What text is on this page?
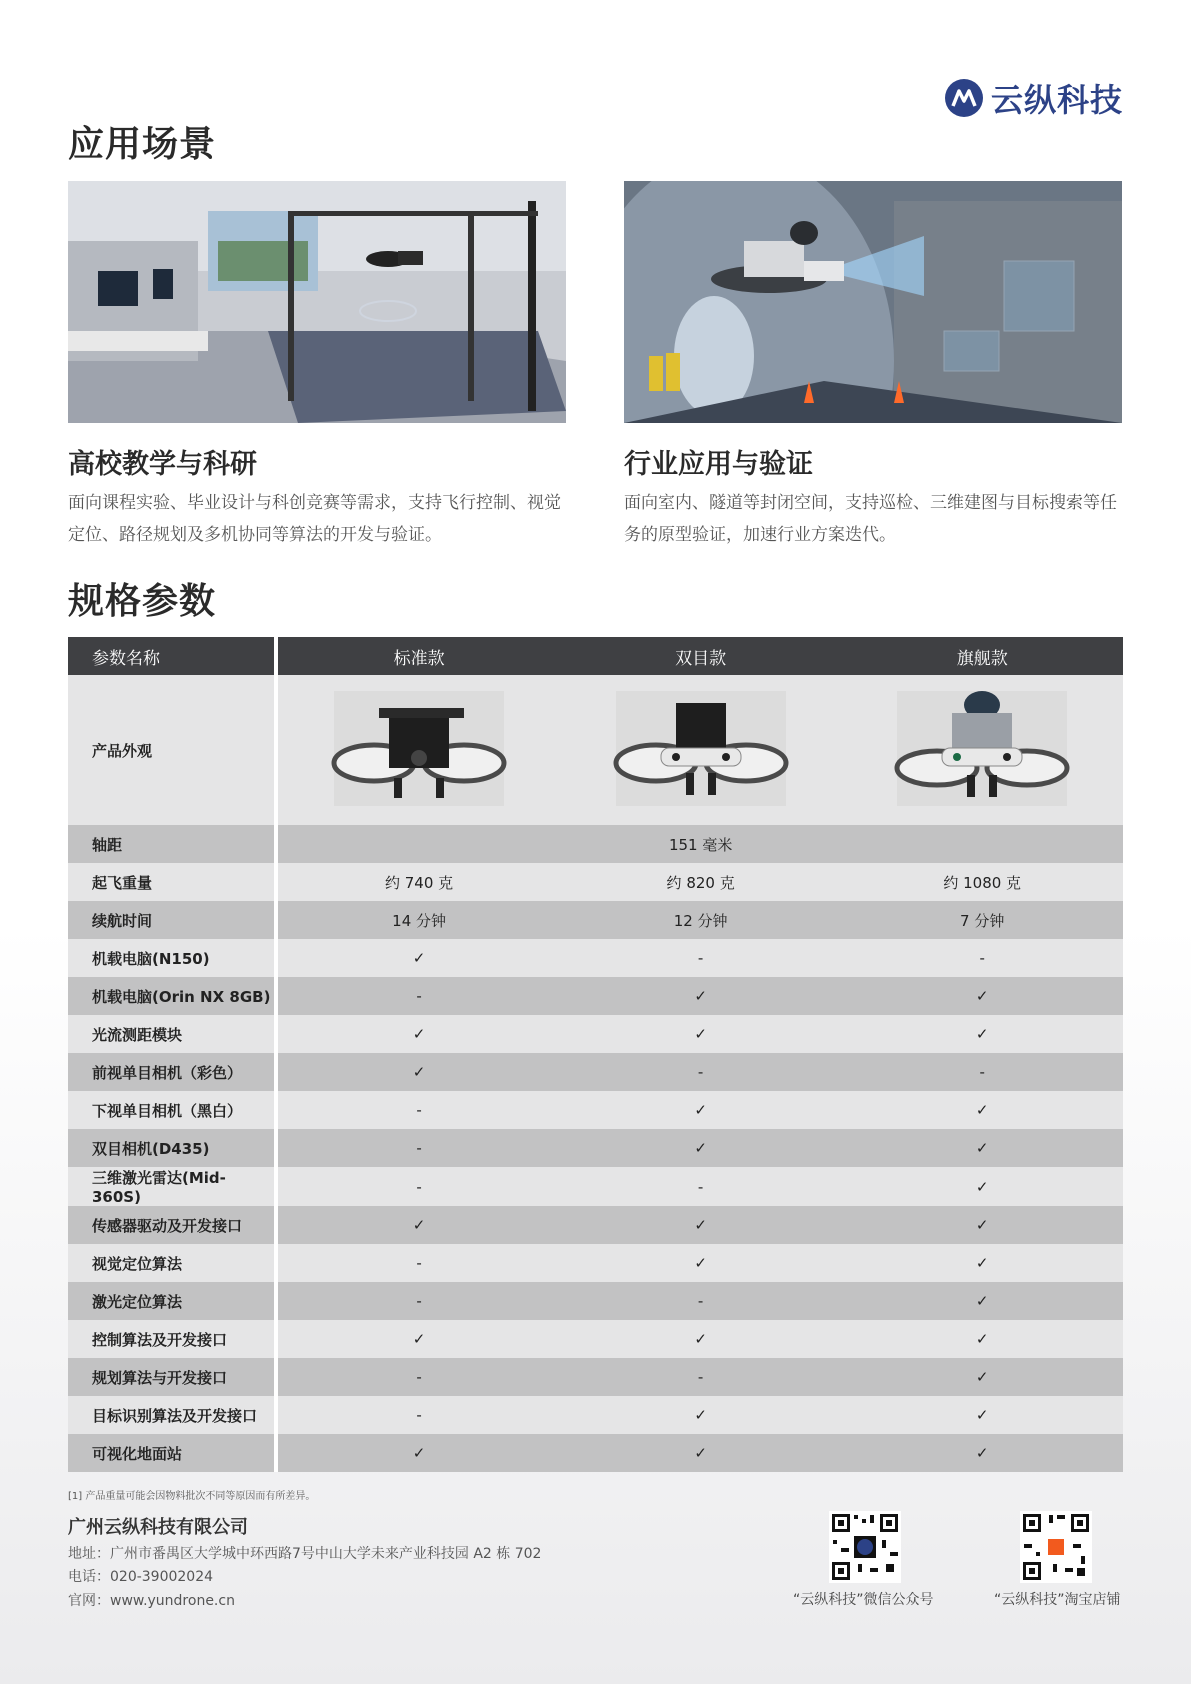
云纵科技
应用场景
高校教学与科研
面向课程实验、毕业设计与科创竞赛等需求，支持飞行控制、视觉定位、路径规划及多机协同等算法的开发与验证。
行业应用与验证
面向室内、隧道等封闭空间，支持巡检、三维建图与目标搜索等任务的原型验证，加速行业方案迭代。
规格参数
参数名称	标准款	双目款	旗舰款
产品外观			
轴距	151 毫米		
起飞重量	约 740 克	约 820 克	约 1080 克
续航时间	14 分钟	12 分钟	7 分钟
机载电脑(N150)	✓	-	-
机载电脑(Orin NX 8GB)	-	✓	✓
光流测距模块	✓	✓	✓
前视单目相机（彩色）	✓	-	-
下视单目相机（黑白）	-	✓	✓
双目相机(D435)	-	✓	✓
三维激光雷达(Mid-360S)	-	-	✓
传感器驱动及开发接口	✓	✓	✓
视觉定位算法	-	✓	✓
激光定位算法	-	-	✓
控制算法及开发接口	✓	✓	✓
规划算法与开发接口	-	-	✓
目标识别算法及开发接口	-	✓	✓
可视化地面站	✓	✓	✓
[1] 产品重量可能会因物料批次不同等原因而有所差异。
广州云纵科技有限公司
地址：广州市番禺区大学城中环西路7号中山大学未来产业科技园 A2 栋 702
电话：020-39002024
官网：www.yundrone.cn	“云纵科技”微信公众号	“云纵科技”淘宝店铺
